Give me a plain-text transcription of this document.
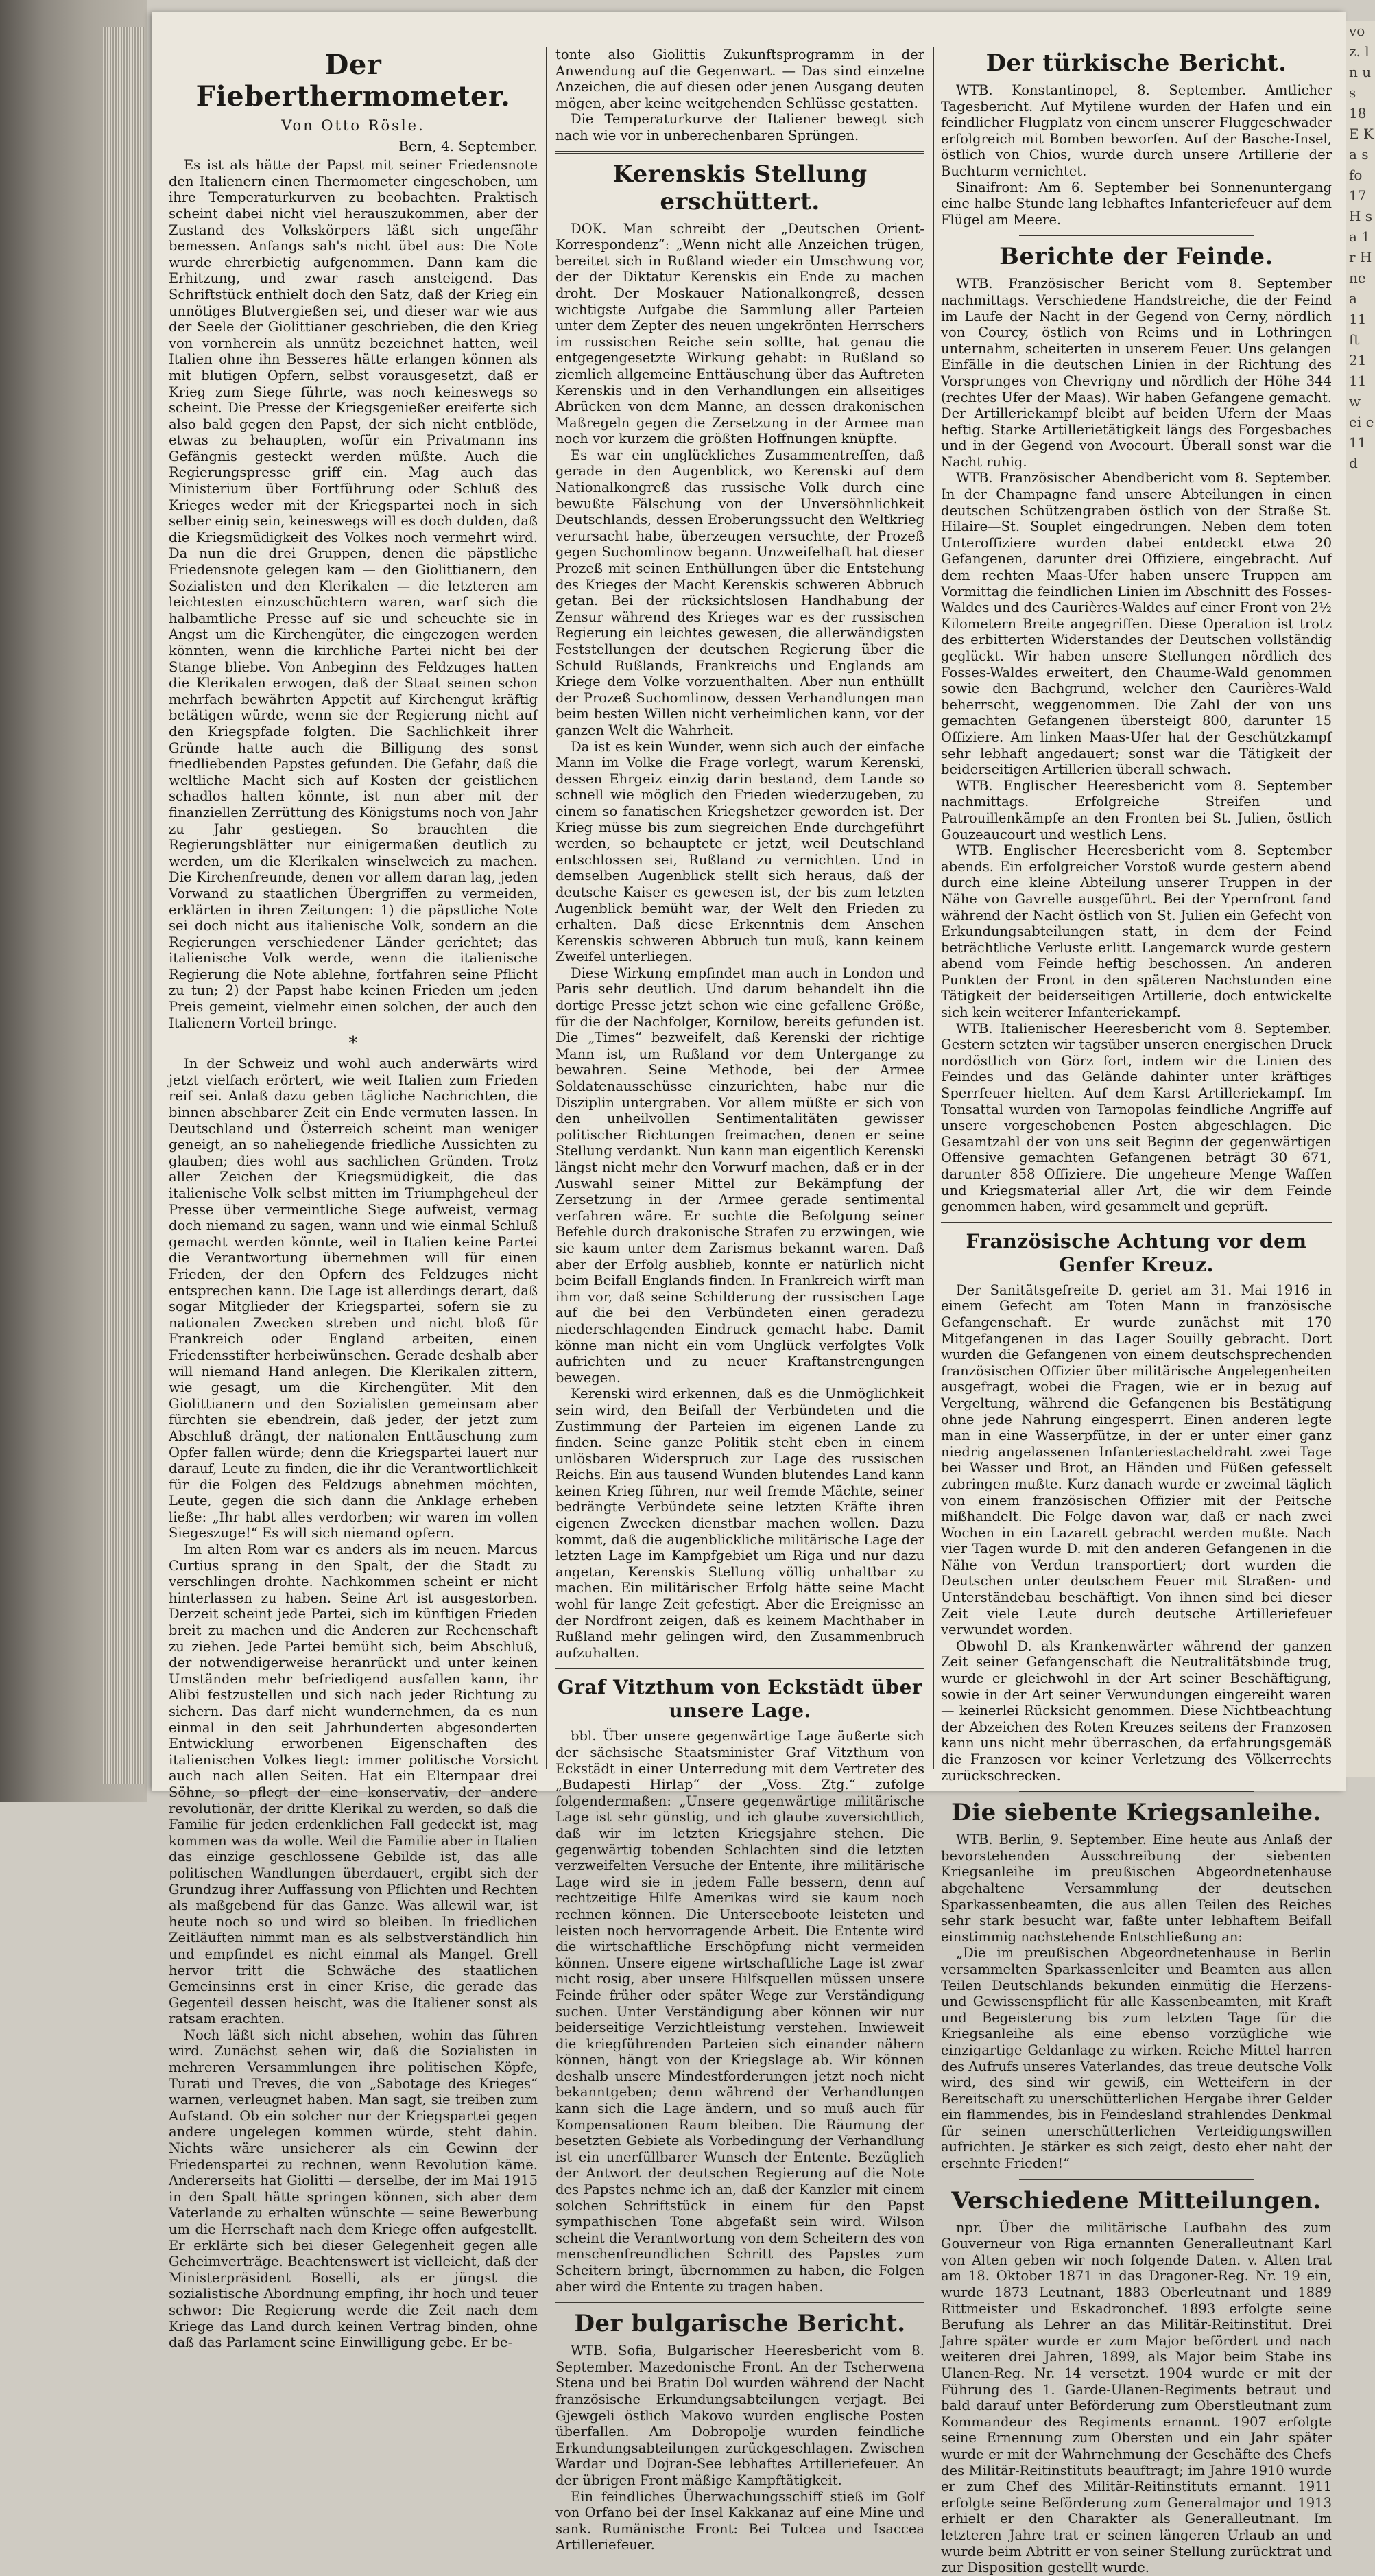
Der Fieberthermometer.
Von Otto Rösle.
Bern, 4. September.

Es ist als hätte der Papst mit seiner Friedensnote den Italienern einen Thermometer eingeschoben, um ihre Temperaturkurven zu beobachten. Praktisch scheint dabei nicht viel herauszukommen, aber der Zustand des Volkskörpers läßt sich ungefähr bemessen. Anfangs sah's nicht übel aus: Die Note wurde ehrerbietig aufgenommen. Dann kam die Erhitzung, und zwar rasch ansteigend. Das Schriftstück enthielt doch den Satz, daß der Krieg ein unnötiges Blutvergießen sei, und dieser war wie aus der Seele der Giolittianer geschrieben, die den Krieg von vornherein als unnütz bezeichnet hatten, weil Italien ohne ihn Besseres hätte erlangen können als mit blutigen Opfern, selbst vorausgesetzt, daß er Krieg zum Siege führte, was noch keineswegs so scheint. Die Presse der Kriegsgenießer ereiferte sich also bald gegen den Papst, der sich nicht entblöde, etwas zu behaupten, wofür ein Privatmann ins Gefängnis gesteckt werden müßte. Auch die Regierungspresse griff ein. Mag auch das Ministerium über Fortführung oder Schluß des Krieges weder mit der Kriegspartei noch in sich selber einig sein, keineswegs will es doch dulden, daß die Kriegsmüdigkeit des Volkes noch vermehrt wird. Da nun die drei Gruppen, denen die päpstliche Friedensnote gelegen kam — den Giolittianern, den Sozialisten und den Klerikalen — die letzteren am leichtesten einzuschüchtern waren, warf sich die halbamtliche Presse auf sie und scheuchte sie in Angst um die Kirchengüter, die eingezogen werden könnten, wenn die kirchliche Partei nicht bei der Stange bliebe. Von Anbeginn des Feldzuges hatten die Klerikalen erwogen, daß der Staat seinen schon mehrfach bewährten Appetit auf Kirchengut kräftig betätigen würde, wenn sie der Regierung nicht auf den Kriegspfade folgten. Die Sachlichkeit ihrer Gründe hatte auch die Billigung des sonst friedliebenden Papstes gefunden. Die Gefahr, daß die weltliche Macht sich auf Kosten der geistlichen schadlos halten könnte, ist nun aber mit der finanziellen Zerrüttung des Königstums noch von Jahr zu Jahr gestiegen. So brauchten die Regierungsblätter nur einigermaßen deutlich zu werden, um die Klerikalen winselweich zu machen. Die Kirchenfreunde, denen vor allem daran lag, jeden Vorwand zu staatlichen Übergriffen zu vermeiden, erklärten in ihren Zeitungen: 1) die päpstliche Note sei doch nicht aus italienische Volk, sondern an die Regierungen verschiedener Länder gerichtet; das italienische Volk werde, wenn die italienische Regierung die Note ablehne, fortfahren seine Pflicht zu tun; 2) der Papst habe keinen Frieden um jeden Preis gemeint, vielmehr einen solchen, der auch den Italienern Vorteil bringe.

*

In der Schweiz und wohl auch anderwärts wird jetzt vielfach erörtert, wie weit Italien zum Frieden reif sei. Anlaß dazu geben tägliche Nachrichten, die binnen absehbarer Zeit ein Ende vermuten lassen. In Deutschland und Österreich scheint man weniger geneigt, an so naheliegende friedliche Aussichten zu glauben; dies wohl aus sachlichen Gründen. Trotz aller Zeichen der Kriegsmüdigkeit, die das italienische Volk selbst mitten im Triumphgeheul der Presse über vermeintliche Siege aufweist, vermag doch niemand zu sagen, wann und wie einmal Schluß gemacht werden könnte, weil in Italien keine Partei die Verantwortung übernehmen will für einen Frieden, der den Opfern des Feldzuges nicht entsprechen kann. Die Lage ist allerdings derart, daß sogar Mitglieder der Kriegspartei, sofern sie zu nationalen Zwecken streben und nicht bloß für Frankreich oder England arbeiten, einen Friedensstifter herbeiwünschen. Gerade deshalb aber will niemand Hand anlegen. Die Klerikalen zittern, wie gesagt, um die Kirchengüter. Mit den Giolittianern und den Sozialisten gemeinsam aber fürchten sie ebendrein, daß jeder, der jetzt zum Abschluß drängt, der nationalen Enttäuschung zum Opfer fallen würde; denn die Kriegspartei lauert nur darauf, Leute zu finden, die ihr die Verantwortlichkeit für die Folgen des Feldzugs abnehmen möchten, Leute, gegen die sich dann die Anklage erheben ließe: „Ihr habt alles verdorben; wir waren im vollen Siegeszuge!“ Es will sich niemand opfern.

Im alten Rom war es anders als im neuen. Marcus Curtius sprang in den Spalt, der die Stadt zu verschlingen drohte. Nachkommen scheint er nicht hinterlassen zu haben. Seine Art ist ausgestorben. Derzeit scheint jede Partei, sich im künftigen Frieden breit zu machen und die Anderen zur Rechenschaft zu ziehen. Jede Partei bemüht sich, beim Abschluß, der notwendigerweise heranrückt und unter keinen Umständen mehr befriedigend ausfallen kann, ihr Alibi festzustellen und sich nach jeder Richtung zu sichern. Das darf nicht wundernehmen, da es nun einmal in den seit Jahrhunderten abgesonderten Entwicklung erworbenen Eigenschaften des italienischen Volkes liegt: immer politische Vorsicht auch nach allen Seiten. Hat ein Elternpaar drei Söhne, so pflegt der eine konservativ, der andere revolutionär, der dritte Klerikal zu werden, so daß die Familie für jeden erdenklichen Fall gedeckt ist, mag kommen was da wolle. Weil die Familie aber in Italien das einzige geschlossene Gebilde ist, das alle politischen Wandlungen überdauert, ergibt sich der Grundzug ihrer Auffassung von Pflichten und Rechten als maßgebend für das Ganze. Was allewil war, ist heute noch so und wird so bleiben. In friedlichen Zeitläuften nimmt man es als selbstverständlich hin und empfindet es nicht einmal als Mangel. Grell hervor tritt die Schwäche des staatlichen Gemeinsinns erst in einer Krise, die gerade das Gegenteil dessen heischt, was die Italiener sonst als ratsam erachten.

Noch läßt sich nicht absehen, wohin das führen wird. Zunächst sehen wir, daß die Sozialisten in mehreren Versammlungen ihre politischen Köpfe, Turati und Treves, die von „Sabotage des Krieges“ warnen, verleugnet haben. Man sagt, sie treiben zum Aufstand. Ob ein solcher nur der Kriegspartei gegen andere ungelegen kommen würde, steht dahin. Nichts wäre unsicherer als ein Gewinn der Friedenspartei zu rechnen, wenn Revolution käme. Andererseits hat Giolitti — derselbe, der im Mai 1915 in den Spalt hätte springen können, sich aber dem Vaterlande zu erhalten wünschte — seine Bewerbung um die Herrschaft nach dem Kriege offen aufgestellt. Er erklärte sich bei dieser Gelegenheit gegen alle Geheimverträge. Beachtenswert ist vielleicht, daß der Ministerpräsident Boselli, als er jüngst die sozialistische Abordnung empfing, ihr hoch und teuer schwor: Die Regierung werde die Zeit nach dem Kriege das Land durch keinen Vertrag binden, ohne daß das Parlament seine Einwilligung gebe. Er be-

tonte also Giolittis Zukunftsprogramm in der Anwendung auf die Gegenwart. — Das sind einzelne Anzeichen, die auf diesen oder jenen Ausgang deuten mögen, aber keine weitgehenden Schlüsse gestatten.

Die Temperaturkurve der Italiener bewegt sich nach wie vor in unberechenbaren Sprüngen.

Kerenskis Stellung erschüttert.

DOK. Man schreibt der „Deutschen Orient-Korrespondenz“: „Wenn nicht alle Anzeichen trügen, bereitet sich in Rußland wieder ein Umschwung vor, der der Diktatur Kerenskis ein Ende zu machen droht. Der Moskauer Nationalkongreß, dessen wichtigste Aufgabe die Sammlung aller Parteien unter dem Zepter des neuen ungekrönten Herrschers im russischen Reiche sein sollte, hat genau die entgegengesetzte Wirkung gehabt: in Rußland so ziemlich allgemeine Enttäuschung über das Auftreten Kerenskis und in den Verhandlungen ein allseitiges Abrücken von dem Manne, an dessen drakonischen Maßregeln gegen die Zersetzung in der Armee man noch vor kurzem die größten Hoffnungen knüpfte.

Es war ein unglückliches Zusammentreffen, daß gerade in den Augenblick, wo Kerenski auf dem Nationalkongreß das russische Volk durch eine bewußte Fälschung von der Unversöhnlichkeit Deutschlands, dessen Eroberungssucht den Weltkrieg verursacht habe, überzeugen versuchte, der Prozeß gegen Suchomlinow begann. Unzweifelhaft hat dieser Prozeß mit seinen Enthüllungen über die Entstehung des Krieges der Macht Kerenskis schweren Abbruch getan. Bei der rücksichtslosen Handhabung der Zensur während des Krieges war es der russischen Regierung ein leichtes gewesen, die allerwändigsten Feststellungen der deutschen Regierung über die Schuld Rußlands, Frankreichs und Englands am Kriege dem Volke vorzuenthalten. Aber nun enthüllt der Prozeß Suchomlinow, dessen Verhandlungen man beim besten Willen nicht verheimlichen kann, vor der ganzen Welt die Wahrheit.

Da ist es kein Wunder, wenn sich auch der einfache Mann im Volke die Frage vorlegt, warum Kerenski, dessen Ehrgeiz einzig darin bestand, dem Lande so schnell wie möglich den Frieden wiederzugeben, zu einem so fanatischen Kriegshetzer geworden ist. Der Krieg müsse bis zum siegreichen Ende durchgeführt werden, so behauptete er jetzt, weil Deutschland entschlossen sei, Rußland zu vernichten. Und in demselben Augenblick stellt sich heraus, daß der deutsche Kaiser es gewesen ist, der bis zum letzten Augenblick bemüht war, der Welt den Frieden zu erhalten. Daß diese Erkenntnis dem Ansehen Kerenskis schweren Abbruch tun muß, kann keinem Zweifel unterliegen.

Diese Wirkung empfindet man auch in London und Paris sehr deutlich. Und darum behandelt ihn die dortige Presse jetzt schon wie eine gefallene Größe, für die der Nachfolger, Kornilow, bereits gefunden ist. Die „Times“ bezweifelt, daß Kerenski der richtige Mann ist, um Rußland vor dem Untergange zu bewahren. Seine Methode, bei der Armee Soldatenausschüsse einzurichten, habe nur die Disziplin untergraben. Vor allem müßte er sich von den unheilvollen Sentimentalitäten gewisser politischer Richtungen freimachen, denen er seine Stellung verdankt. Nun kann man eigentlich Kerenski längst nicht mehr den Vorwurf machen, daß er in der Auswahl seiner Mittel zur Bekämpfung der Zersetzung in der Armee gerade sentimental verfahren wäre. Er suchte die Befolgung seiner Befehle durch drakonische Strafen zu erzwingen, wie sie kaum unter dem Zarismus bekannt waren. Daß aber der Erfolg ausblieb, konnte er natürlich nicht beim Beifall Englands finden. In Frankreich wirft man ihm vor, daß seine Schilderung der russischen Lage auf die bei den Verbündeten einen geradezu niederschlagenden Eindruck gemacht habe. Damit könne man nicht ein vom Unglück verfolgtes Volk aufrichten und zu neuer Kraftanstrengungen bewegen.

Kerenski wird erkennen, daß es die Unmöglichkeit sein wird, den Beifall der Verbündeten und die Zustimmung der Parteien im eigenen Lande zu finden. Seine ganze Politik steht eben in einem unlösbaren Widerspruch zur Lage des russischen Reichs. Ein aus tausend Wunden blutendes Land kann keinen Krieg führen, nur weil fremde Mächte, seiner bedrängte Verbündete seine letzten Kräfte ihren eigenen Zwecken dienstbar machen wollen. Dazu kommt, daß die augenblickliche militärische Lage der letzten Lage im Kampfgebiet um Riga und nur dazu angetan, Kerenskis Stellung völlig unhaltbar zu machen. Ein militärischer Erfolg hätte seine Macht wohl für lange Zeit gefestigt. Aber die Ereignisse an der Nordfront zeigen, daß es keinem Machthaber in Rußland mehr gelingen wird, den Zusammenbruch aufzuhalten.

Graf Vitzthum von Eckstädt über unsere Lage.

bbl. Über unsere gegenwärtige Lage äußerte sich der sächsische Staatsminister Graf Vitzthum von Eckstädt in einer Unterredung mit dem Vertreter des „Budapesti Hirlap“ der „Voss. Ztg.“ zufolge folgendermaßen: „Unsere gegenwärtige militärische Lage ist sehr günstig, und ich glaube zuversichtlich, daß wir im letzten Kriegsjahre stehen. Die gegenwärtig tobenden Schlachten sind die letzten verzweifelten Versuche der Entente, ihre militärische Lage wird sie in jedem Falle bessern, denn auf rechtzeitige Hilfe Amerikas wird sie kaum noch rechnen können. Die Unterseeboote leisteten und leisten noch hervorragende Arbeit. Die Entente wird die wirtschaftliche Erschöpfung nicht vermeiden können. Unsere eigene wirtschaftliche Lage ist zwar nicht rosig, aber unsere Hilfsquellen müssen unsere Feinde früher oder später Wege zur Verständigung suchen. Unter Verständigung aber können wir nur beiderseitige Verzichtleistung verstehen. Inwieweit die kriegführenden Parteien sich einander nähern können, hängt von der Kriegslage ab. Wir können deshalb unsere Mindestforderungen jetzt noch nicht bekanntgeben; denn während der Verhandlungen kann sich die Lage ändern, und so muß auch für Kompensationen Raum bleiben. Die Räumung der besetzten Gebiete als Vorbedingung der Verhandlung ist ein unerfüllbarer Wunsch der Entente. Bezüglich der Antwort der deutschen Regierung auf die Note des Papstes nehme ich an, daß der Kanzler mit einem solchen Schriftstück in einem für den Papst sympathischen Tone abgefaßt sein wird. Wilson scheint die Verantwortung von dem Scheitern des von menschenfreundlichen Schritt des Papstes zum Scheitern bringt, übernommen zu haben, die Folgen aber wird die Entente zu tragen haben.

Der bulgarische Bericht.

WTB. Sofia, Bulgarischer Heeresbericht vom 8. September. Mazedonische Front. An der Tscherwena Stena und bei Bratin Dol wurden während der Nacht französische Erkundungsabteilungen verjagt. Bei Gjewgeli östlich Makovo wurden englische Posten überfallen. Am Dobropolje wurden feindliche Erkundungsabteilungen zurückgeschlagen. Zwischen Wardar und Dojran-See lebhaftes Artilleriefeuer. An der übrigen Front mäßige Kampftätigkeit.

Ein feindliches Überwachungsschiff stieß im Golf von Orfano bei der Insel Kakkanaz auf eine Mine und sank. Rumänische Front: Bei Tulcea und Isaccea Artilleriefeuer.

Der türkische Bericht.

WTB. Konstantinopel, 8. September. Amtlicher Tagesbericht. Auf Mytilene wurden der Hafen und ein feindlicher Flugplatz von einem unserer Fluggeschwader erfolgreich mit Bomben beworfen. Auf der Basche-Insel, östlich von Chios, wurde durch unsere Artillerie der Buchturm vernichtet.

Sinaifront: Am 6. September bei Sonnenuntergang eine halbe Stunde lang lebhaftes Infanteriefeuer auf dem Flügel am Meere.

Berichte der Feinde.

WTB. Französischer Bericht vom 8. September nachmittags. Verschiedene Handstreiche, die der Feind im Laufe der Nacht in der Gegend von Cerny, nördlich von Courcy, östlich von Reims und in Lothringen unternahm, scheiterten in unserem Feuer. Uns gelangen Einfälle in die deutschen Linien in der Richtung des Vorsprunges von Chevrigny und nördlich der Höhe 344 (rechtes Ufer der Maas). Wir haben Gefangene gemacht. Der Artilleriekampf bleibt auf beiden Ufern der Maas heftig. Starke Artillerietätigkeit längs des Forgesbaches und in der Gegend von Avocourt. Überall sonst war die Nacht ruhig.

WTB. Französischer Abendbericht vom 8. September. In der Champagne fand unsere Abteilungen in einen deutschen Schützengraben östlich von der Straße St. Hilaire—St. Souplet eingedrungen. Neben dem toten Unteroffiziere wurden dabei entdeckt etwa 20 Gefangenen, darunter drei Offiziere, eingebracht. Auf dem rechten Maas-Ufer haben unsere Truppen am Vormittag die feindlichen Linien im Abschnitt des Fosses-Waldes und des Caurières-Waldes auf einer Front von 2½ Kilometern Breite angegriffen. Diese Operation ist trotz des erbitterten Widerstandes der Deutschen vollständig geglückt. Wir haben unsere Stellungen nördlich des Fosses-Waldes erweitert, den Chaume-Wald genommen sowie den Bachgrund, welcher den Caurières-Wald beherrscht, weggenommen. Die Zahl der von uns gemachten Gefangenen übersteigt 800, darunter 15 Offiziere. Am linken Maas-Ufer hat der Geschützkampf sehr lebhaft angedauert; sonst war die Tätigkeit der beiderseitigen Artillerien überall schwach.

WTB. Englischer Heeresbericht vom 8. September nachmittags. Erfolgreiche Streifen und Patrouillenkämpfe an den Fronten bei St. Julien, östlich Gouzeaucourt und westlich Lens.

WTB. Englischer Heeresbericht vom 8. September abends. Ein erfolgreicher Vorstoß wurde gestern abend durch eine kleine Abteilung unserer Truppen in der Nähe von Gavrelle ausgeführt. Bei der Ypernfront fand während der Nacht östlich von St. Julien ein Gefecht von Erkundungsabteilungen statt, in dem der Feind beträchtliche Verluste erlitt. Langemarck wurde gestern abend vom Feinde heftig beschossen. An anderen Punkten der Front in den späteren Nachstunden eine Tätigkeit der beiderseitigen Artillerie, doch entwickelte sich kein weiterer Infanteriekampf.

WTB. Italienischer Heeresbericht vom 8. September. Gestern setzten wir tagsüber unseren energischen Druck nordöstlich von Görz fort, indem wir die Linien des Feindes und das Gelände dahinter unter kräftiges Sperrfeuer hielten. Auf dem Karst Artilleriekampf. Im Tonsattal wurden von Tarnopolas feindliche Angriffe auf unsere vorgeschobenen Posten abgeschlagen. Die Gesamtzahl der von uns seit Beginn der gegenwärtigen Offensive gemachten Gefangenen beträgt 30 671, darunter 858 Offiziere. Die ungeheure Menge Waffen und Kriegsmaterial aller Art, die wir dem Feinde genommen haben, wird gesammelt und geprüft.

Französische Achtung vor dem Genfer Kreuz.

Der Sanitätsgefreite D. geriet am 31. Mai 1916 in einem Gefecht am Toten Mann in französische Gefangenschaft. Er wurde zunächst mit 170 Mitgefangenen in das Lager Souilly gebracht. Dort wurden die Gefangenen von einem deutschsprechenden französischen Offizier über militärische Angelegenheiten ausgefragt, wobei die Fragen, wie er in bezug auf Vergeltung, während die Gefangenen bis Bestätigung ohne jede Nahrung eingesperrt. Einen anderen legte man in eine Wasserpfütze, in der er unter einer ganz niedrig angelassenen Infanteriestacheldraht zwei Tage bei Wasser und Brot, an Händen und Füßen gefesselt zubringen mußte. Kurz danach wurde er zweimal täglich von einem französischen Offizier mit der Peitsche mißhandelt. Die Folge davon war, daß er nach zwei Wochen in ein Lazarett gebracht werden mußte. Nach vier Tagen wurde D. mit den anderen Gefangenen in die Nähe von Verdun transportiert; dort wurden die Deutschen unter deutschem Feuer mit Straßen- und Unterständebau beschäftigt. Von ihnen sind bei dieser Zeit viele Leute durch deutsche Artilleriefeuer verwundet worden.

Obwohl D. als Krankenwärter während der ganzen Zeit seiner Gefangenschaft die Neutralitätsbinde trug, wurde er gleichwohl in der Art seiner Beschäftigung, sowie in der Art seiner Verwundungen eingereiht waren — keinerlei Rücksicht genommen. Diese Nichtbeachtung der Abzeichen des Roten Kreuzes seitens der Franzosen kann uns nicht mehr überraschen, da erfahrungsgemäß die Franzosen vor keiner Verletzung des Völkerrechts zurückschrecken.

Die siebente Kriegsanleihe.

WTB. Berlin, 9. September. Eine heute aus Anlaß der bevorstehenden Ausschreibung der siebenten Kriegsanleihe im preußischen Abgeordnetenhause abgehaltene Versammlung der deutschen Sparkassenbeamten, die aus allen Teilen des Reiches sehr stark besucht war, faßte unter lebhaftem Beifall einstimmig nachstehende Entschließung an:

„Die im preußischen Abgeordnetenhause in Berlin versammelten Sparkassenleiter und Beamten aus allen Teilen Deutschlands bekunden einmütig die Herzens- und Gewissenspflicht für alle Kassenbeamten, mit Kraft und Begeisterung bis zum letzten Tage für die Kriegsanleihe als eine ebenso vorzügliche wie einzigartige Geldanlage zu wirken. Reiche Mittel harren des Aufrufs unseres Vaterlandes, das treue deutsche Volk wird, des sind wir gewiß, ein Wetteifern in der Bereitschaft zu unerschütterlichen Hergabe ihrer Gelder ein flammendes, bis in Feindesland strahlendes Denkmal für seinen unerschütterlichen Verteidigungswillen aufrichten. Je stärker es sich zeigt, desto eher naht der ersehnte Frieden!“

Verschiedene Mitteilungen.

npr. Über die militärische Laufbahn des zum Gouverneur von Riga ernannten Generalleutnant Karl von Alten geben wir noch folgende Daten. v. Alten trat am 18. Oktober 1871 in das Dragoner-Reg. Nr. 19 ein, wurde 1873 Leutnant, 1883 Oberleutnant und 1889 Rittmeister und Eskadronchef. 1893 erfolgte seine Berufung als Lehrer an das Militär-Reitinstitut. Drei Jahre später wurde er zum Major befördert und nach weiteren drei Jahren, 1899, als Major beim Stabe ins Ulanen-Reg. Nr. 14 versetzt. 1904 wurde er mit der Führung des 1. Garde-Ulanen-Regiments betraut und bald darauf unter Beförderung zum Oberstleutnant zum Kommandeur des Regiments ernannt. 1907 erfolgte seine Ernennung zum Obersten und ein Jahr später wurde er mit der Wahrnehmung der Geschäfte des Chefs des Militär-Reitinstituts beauftragt; im Jahre 1910 wurde er zum Chef des Militär-Reitinstituts ernannt. 1911 erfolgte seine Beförderung zum Generalmajor und 1913 erhielt er den Charakter als Generalleutnant. Im letzteren Jahre trat er seinen längeren Urlaub an und wurde beim Abtritt er von seiner Stellung zurücktrat und zur Disposition gestellt wurde.

vo z. l n u s 18 E K a s fo 17 H s a 1 r H ne a 11 ft 21 11 w ei e 11 d
